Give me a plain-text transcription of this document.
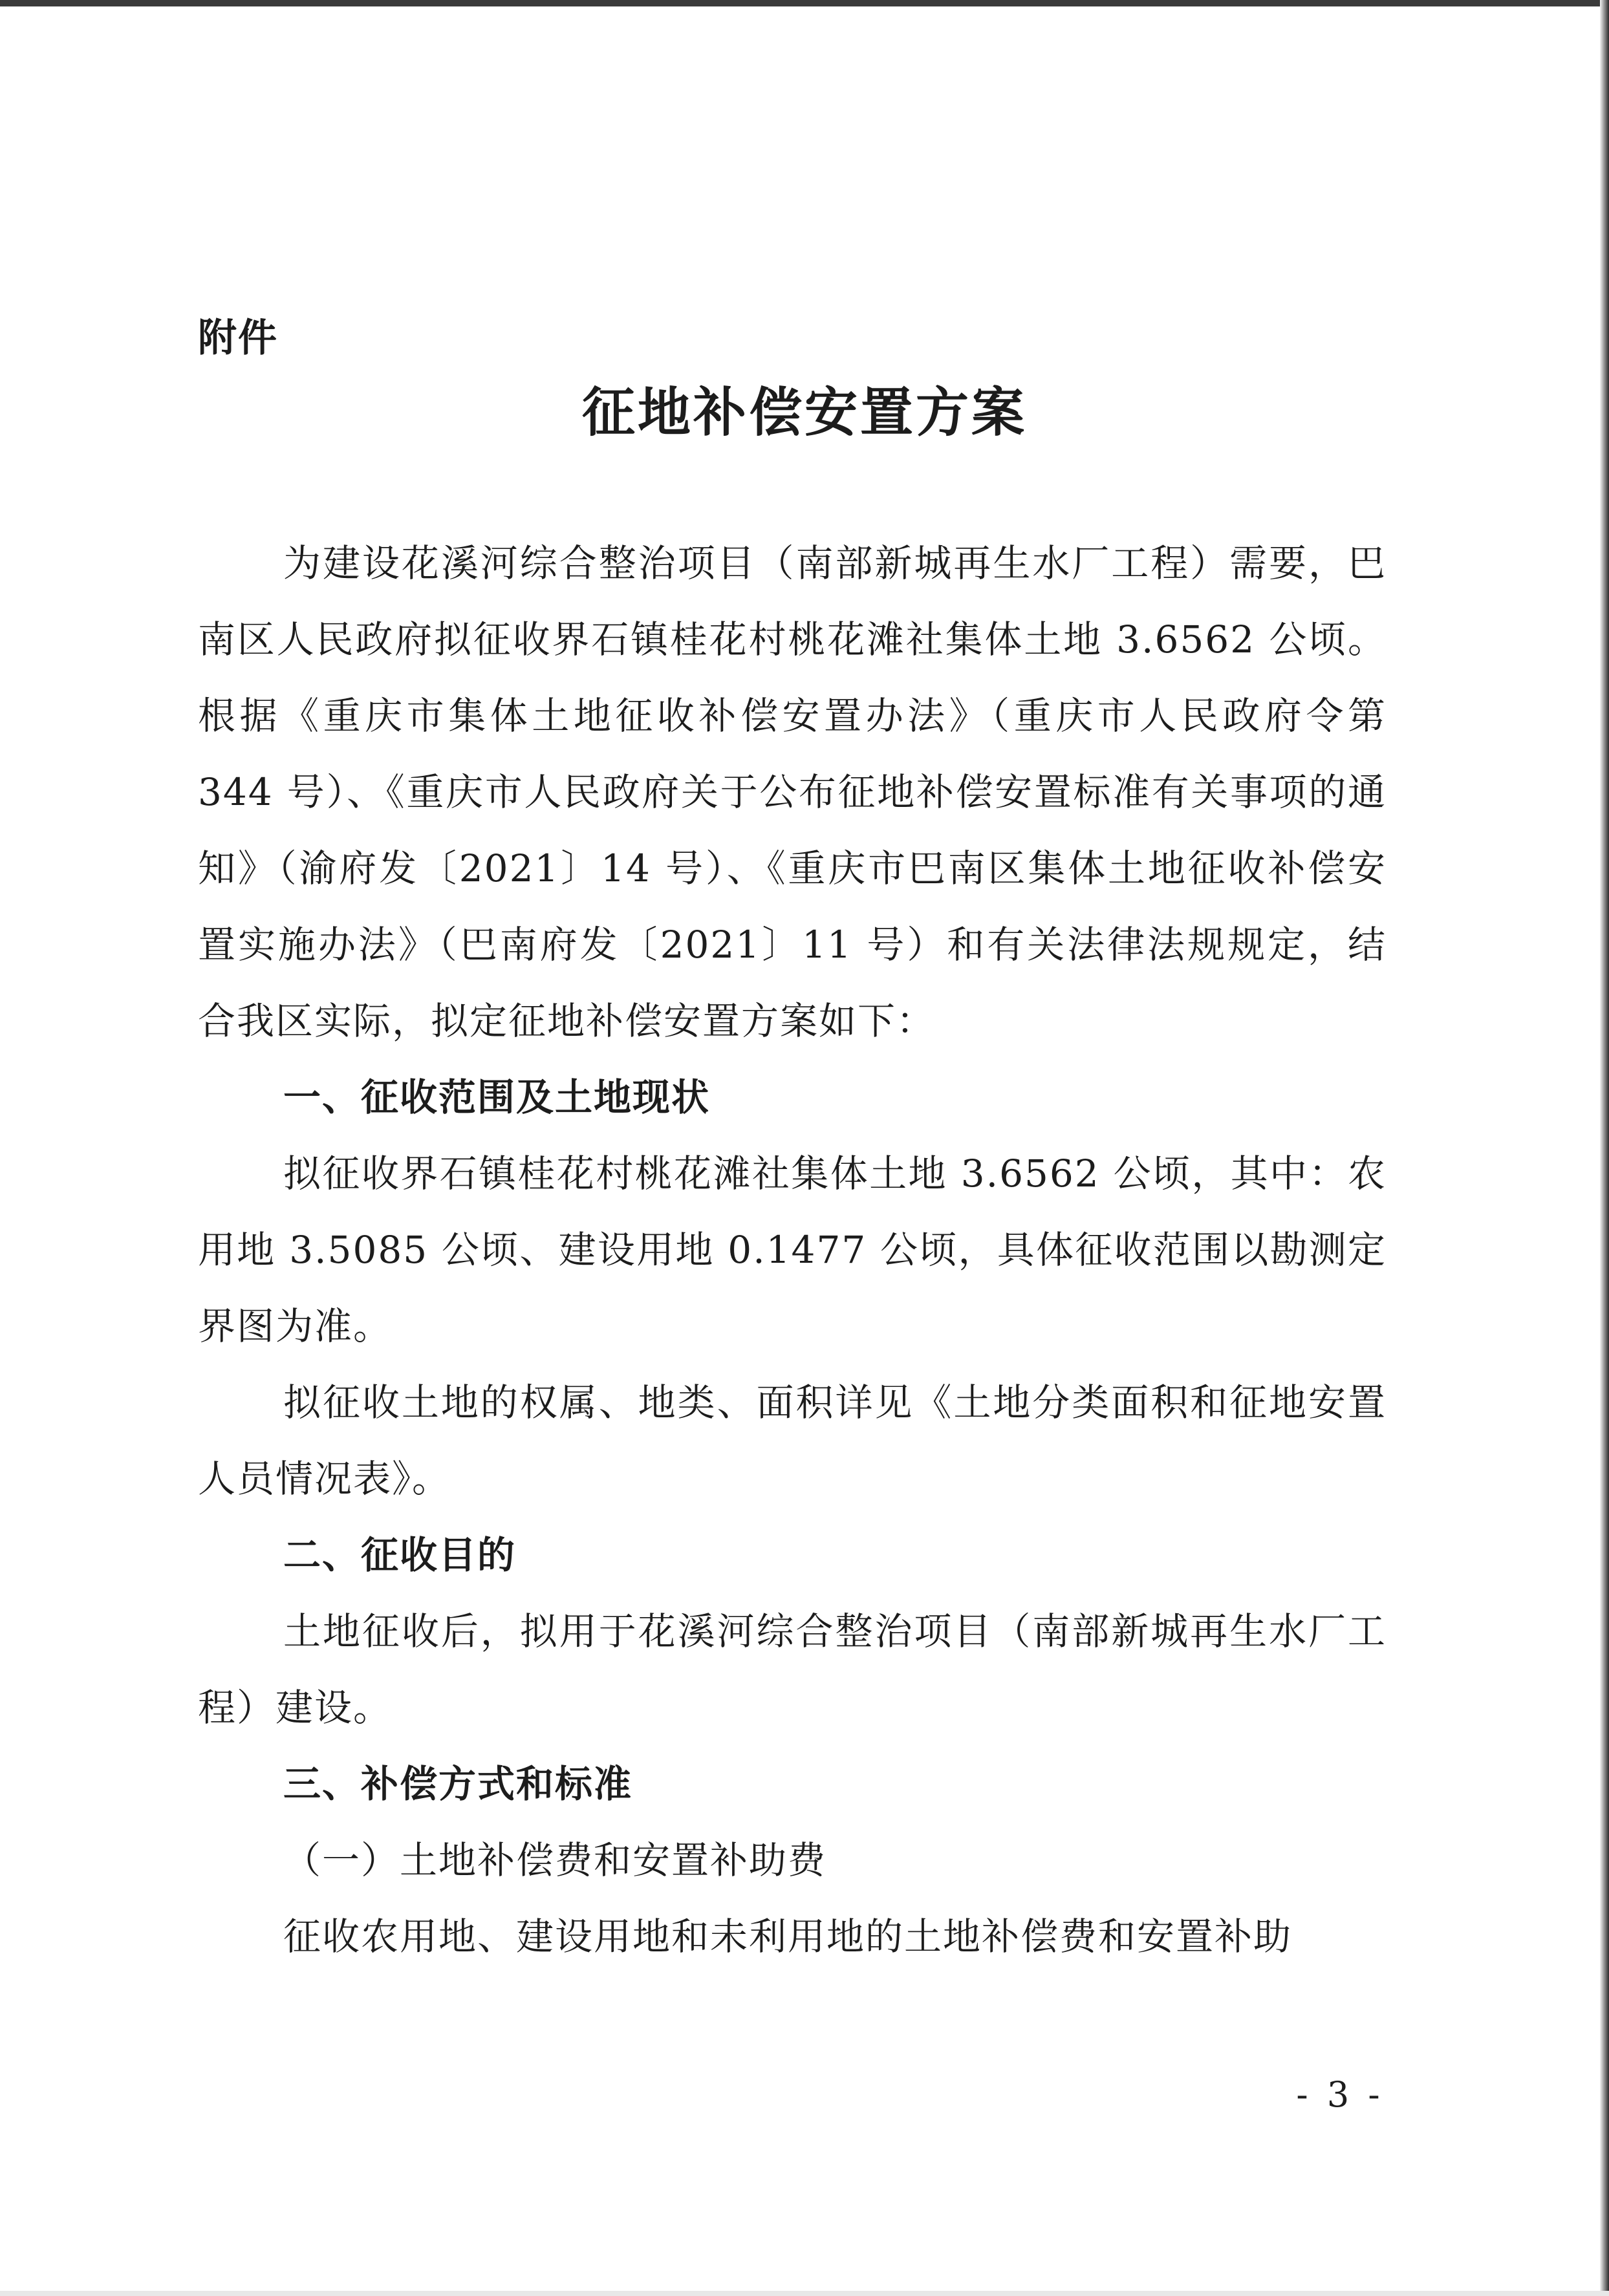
附件
征地补偿安置方案

为建设花溪河综合整治项目（南部新城再生水厂工程）需要，巴南区人民政府拟征收界石镇桂花村桃花滩社集体土地 3.6562 公顷。根据《重庆市集体土地征收补偿安置办法》（重庆市人民政府令第 344 号）、《重庆市人民政府关于公布征地补偿安置标准有关事项的通知》（渝府发〔2021〕14 号）、《重庆市巴南区集体土地征收补偿安置实施办法》（巴南府发〔2021〕11 号）和有关法律法规规定，结合我区实际，拟定征地补偿安置方案如下：

一、征收范围及土地现状

拟征收界石镇桂花村桃花滩社集体土地 3.6562 公顷，其中：农用地 3.5085 公顷、建设用地 0.1477 公顷，具体征收范围以勘测定界图为准。

拟征收土地的权属、地类、面积详见《土地分类面积和征地安置人员情况表》。

二、征收目的

土地征收后，拟用于花溪河综合整治项目（南部新城再生水厂工程）建设。

三、补偿方式和标准

（一）土地补偿费和安置补助费

征收农用地、建设用地和未利用地的土地补偿费和安置补助

- 3 -
